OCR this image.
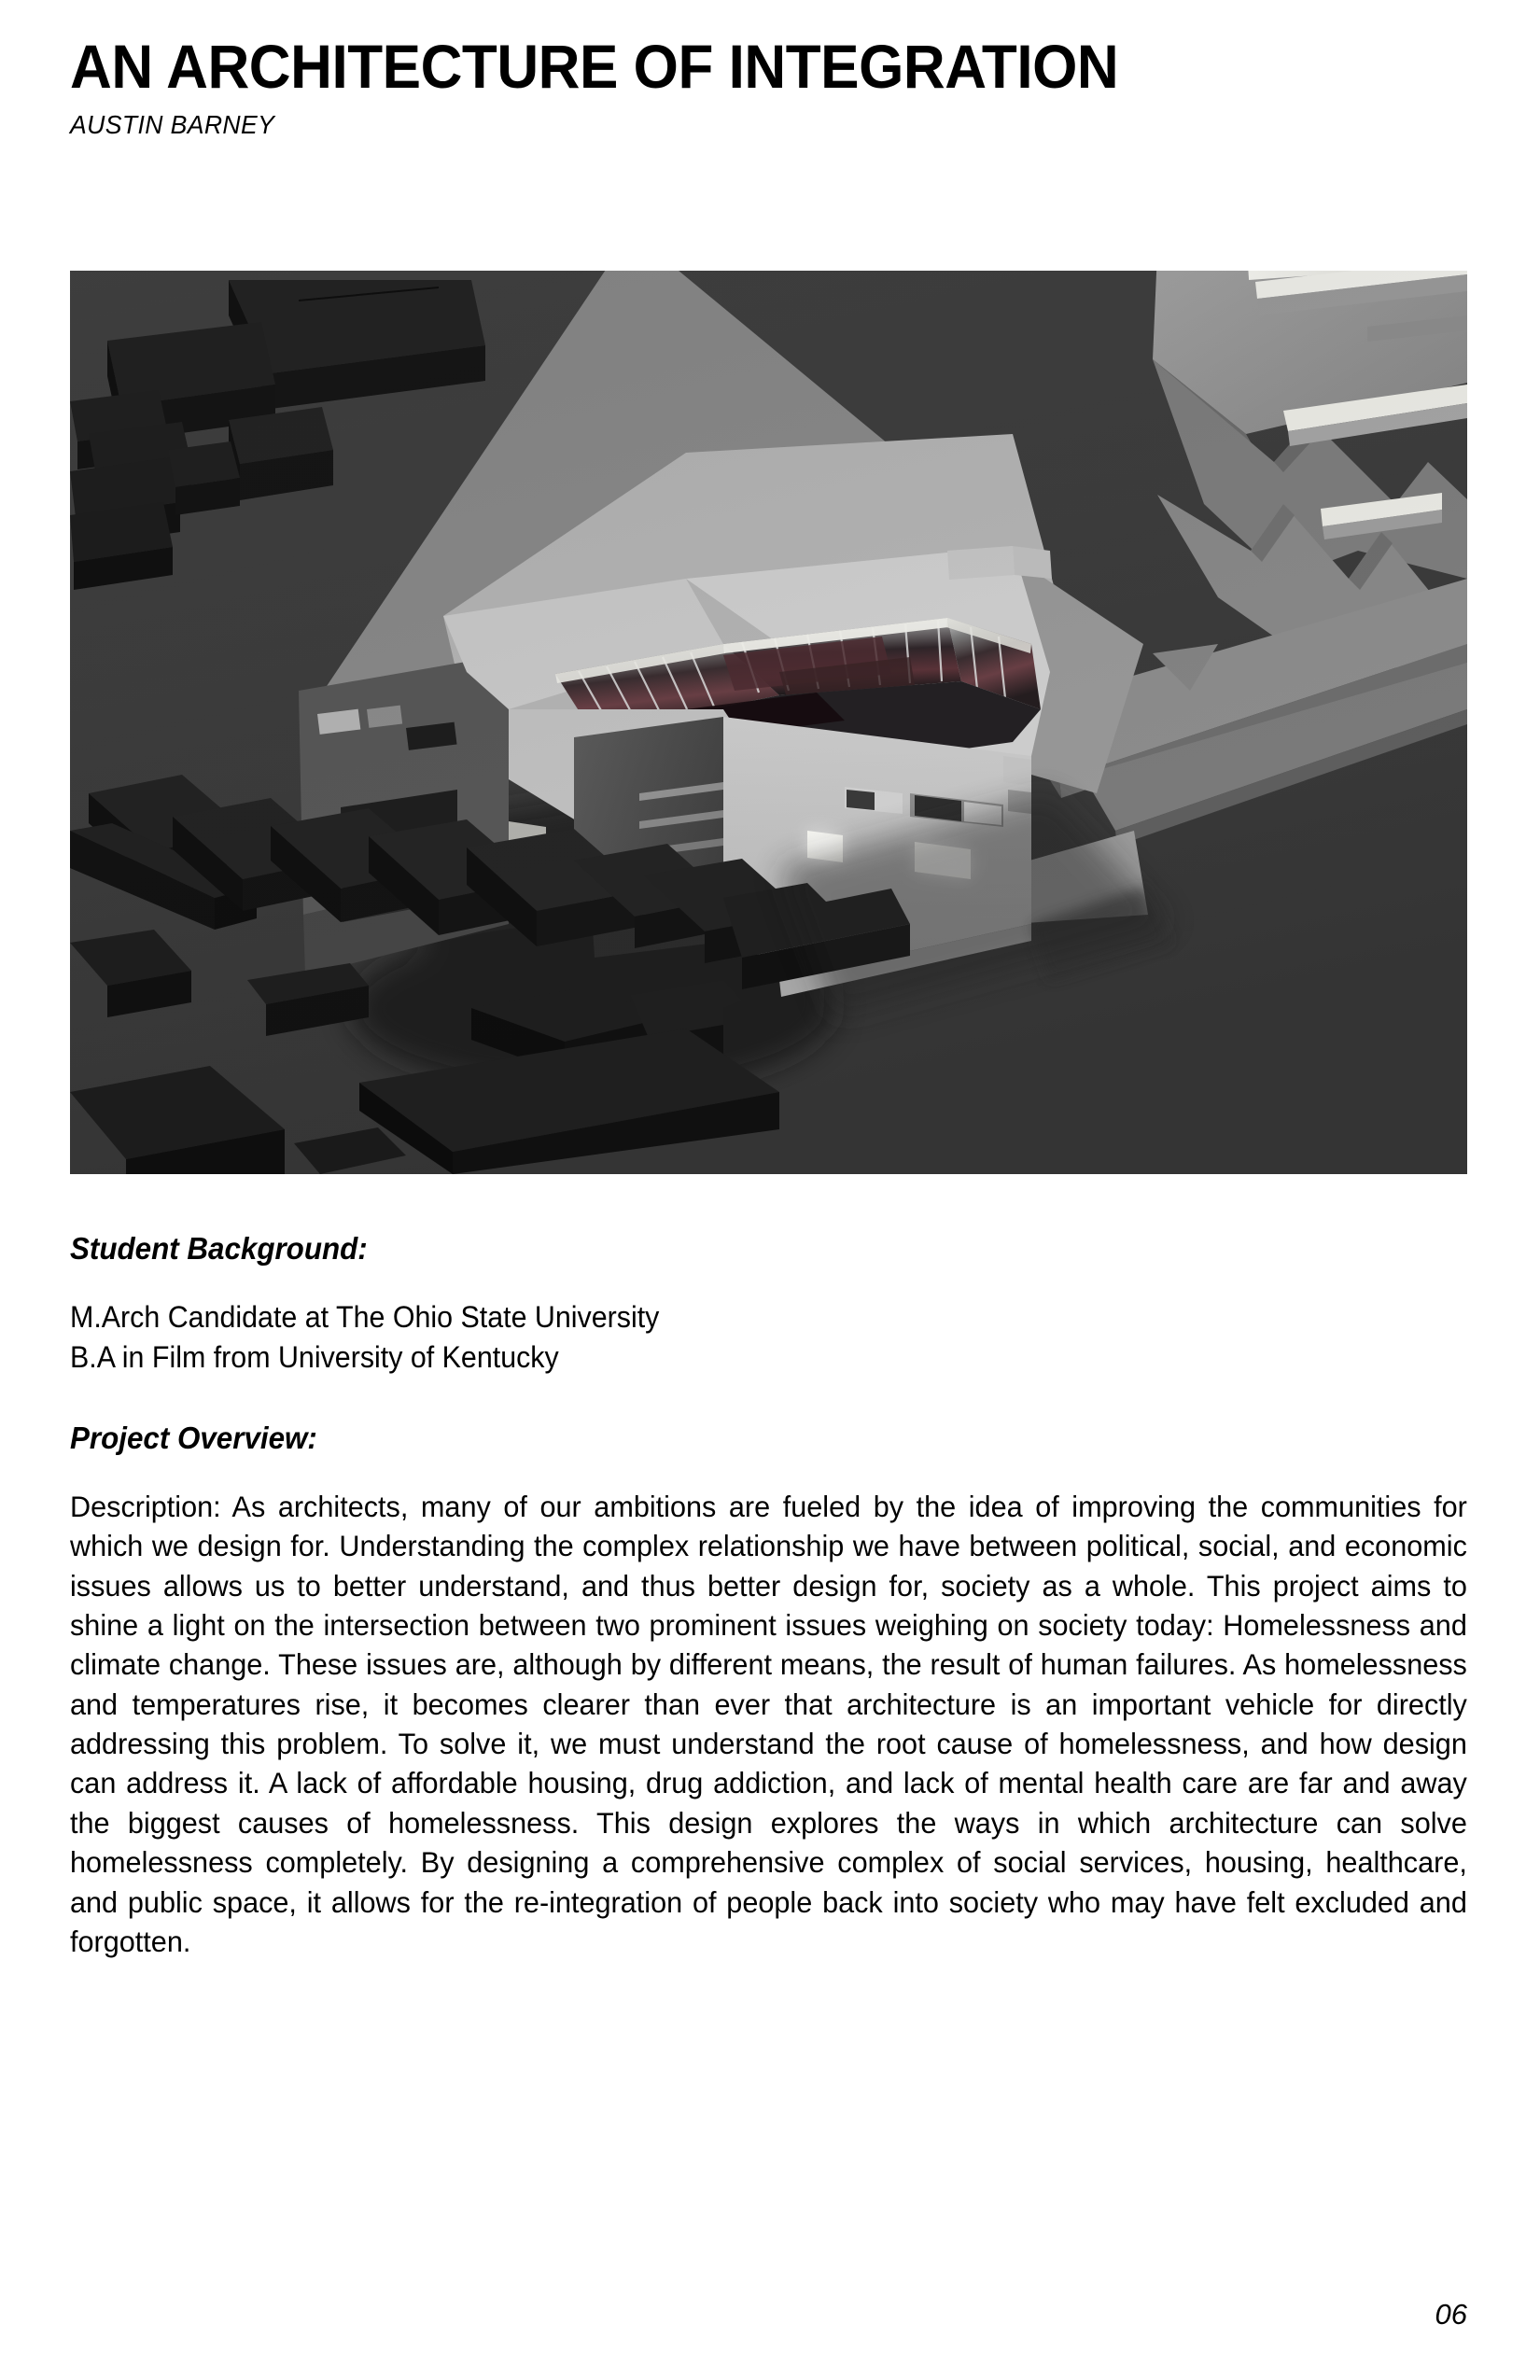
AN ARCHITECTURE OF INTEGRATION
AUSTIN BARNEY
Student Background:
M.Arch Candidate at The Ohio State University
B.A in Film from University of Kentucky
Project Overview:
Description: As architects, many of our ambitions are fueled by the idea of improving the communities for which we design for. Understanding the complex relationship we have between political, social, and economic issues allows us to better understand, and thus better design for, society as a whole. This project aims to shine a light on the intersection between two prominent issues weighing on society today: Homelessness and climate change. These issues are, although by different means, the result of human failures. As homelessness and temperatures rise, it becomes clearer than ever that architecture is an important vehicle for directly addressing this problem. To solve it, we must understand the root cause of homelessness, and how design can address it. A lack of affordable housing, drug addiction, and lack of mental health care are far and away the biggest causes of homelessness. This design explores the ways in which architecture can solve homelessness completely. By designing a comprehensive complex of social services, housing, healthcare, and public space, it allows for the re-integration of people back into society who may have felt excluded and forgotten.
06
